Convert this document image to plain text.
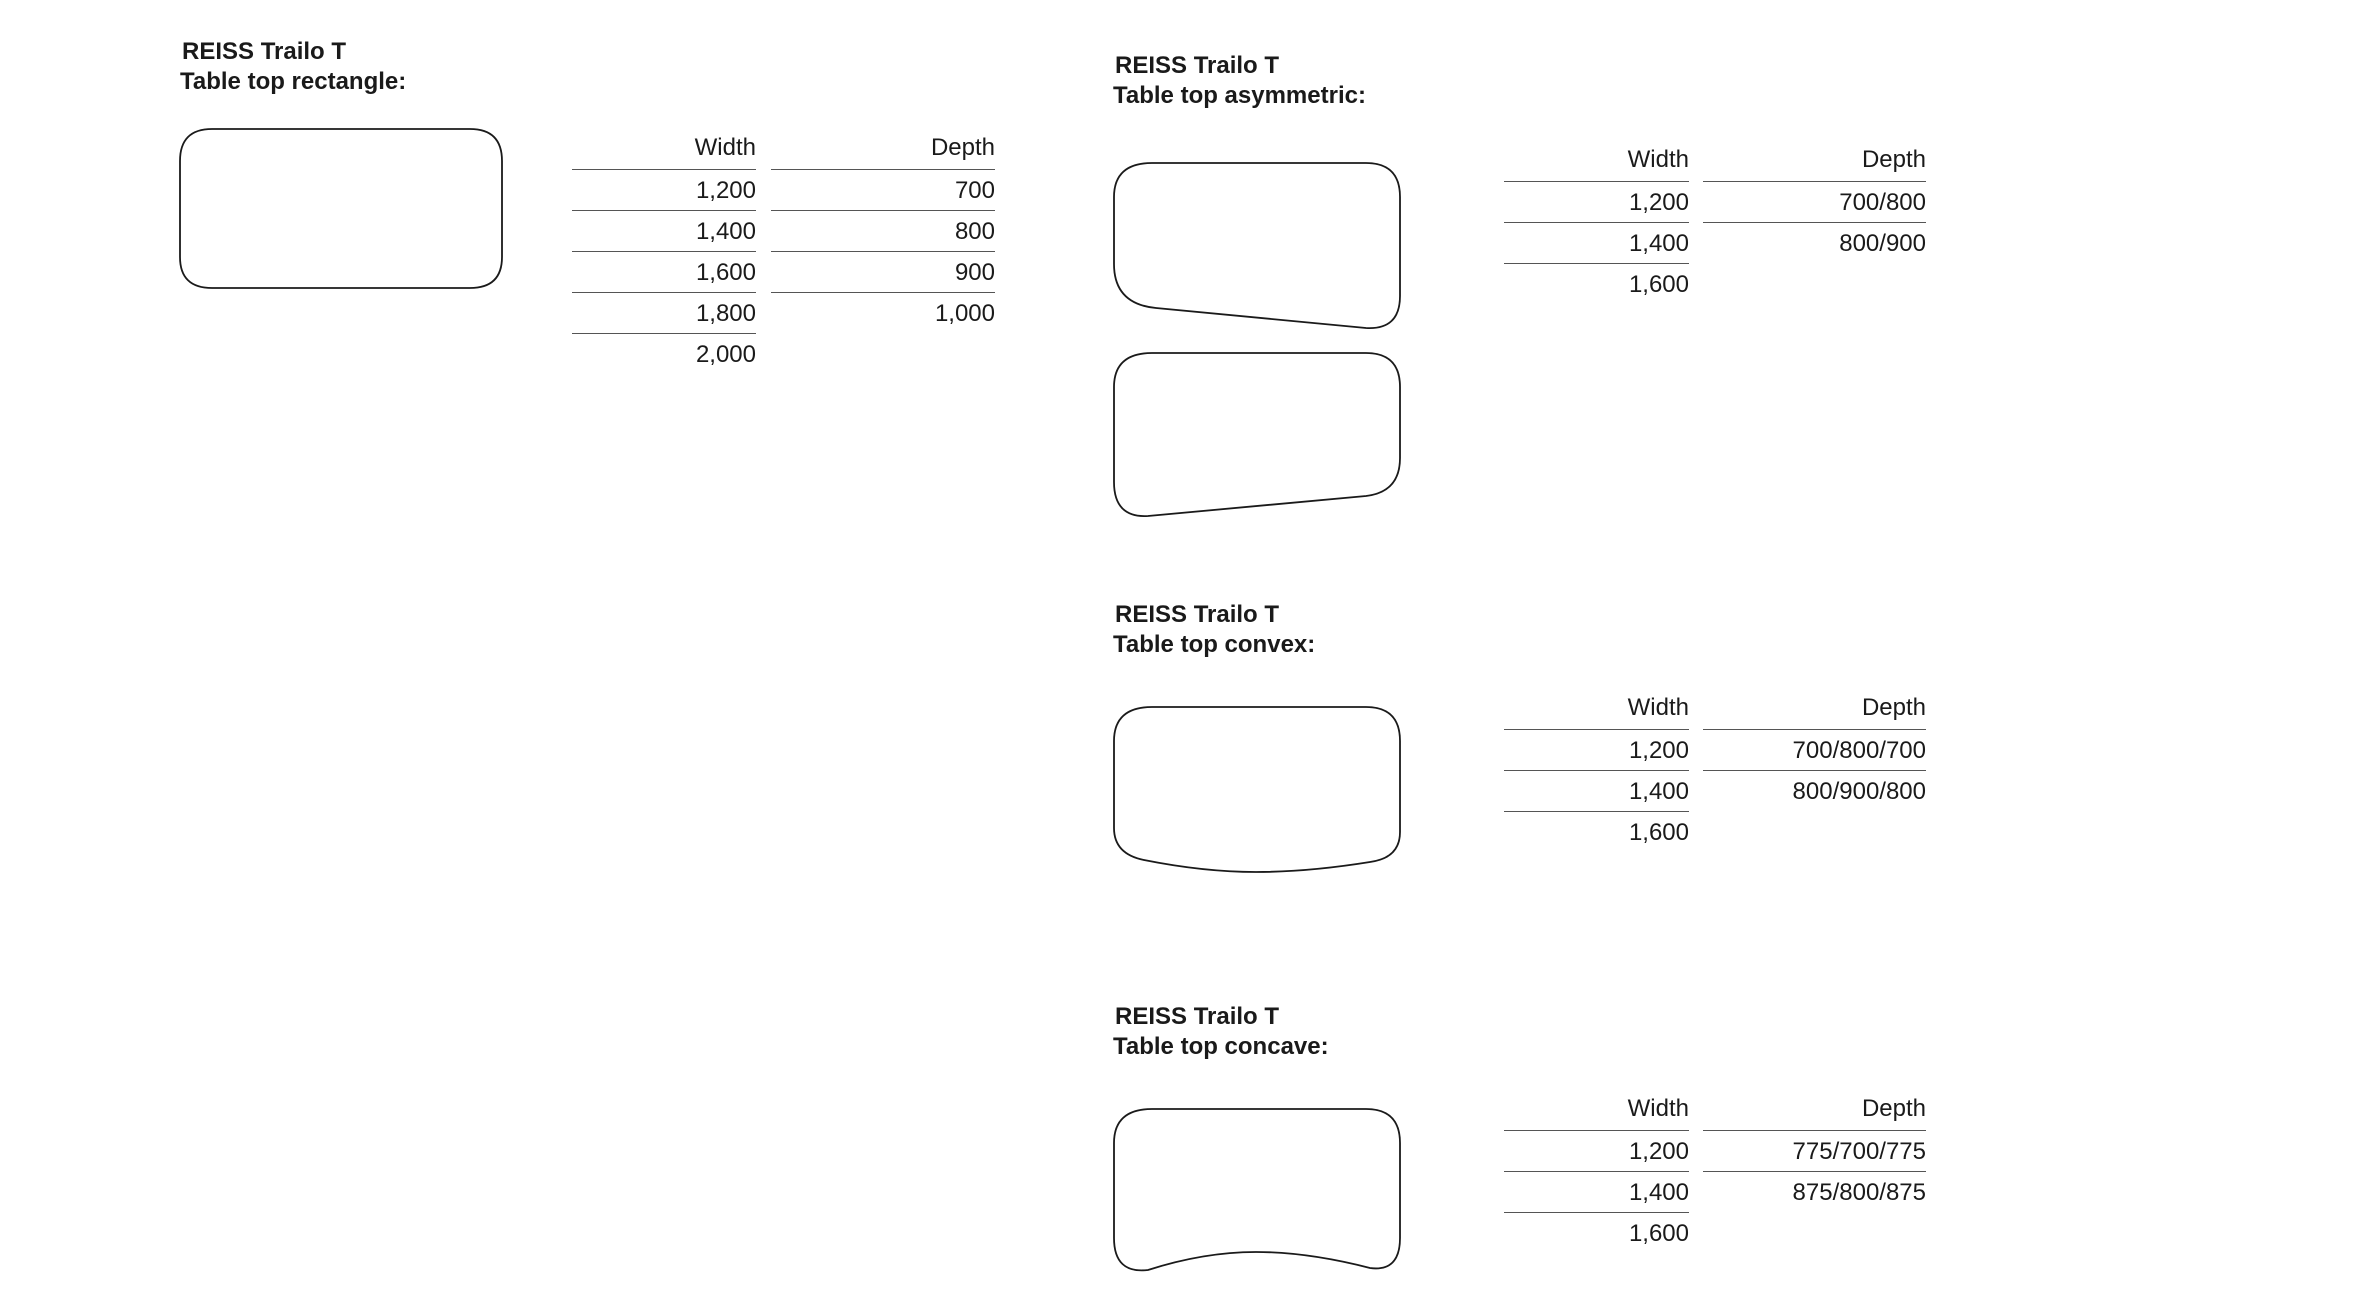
REISS Trailo T
Table top rectangle:
Width
1,200
1,400
1,600
1,800
2,000
Depth
700
800
900
1,000
REISS Trailo T
Table top asymmetric:
Width
1,200
1,400
1,600
Depth
700/800
800/900
REISS Trailo T
Table top convex:
Width
1,200
1,400
1,600
Depth
700/800/700
800/900/800
REISS Trailo T
Table top concave:
Width
1,200
1,400
1,600
Depth
775/700/775
875/800/875
